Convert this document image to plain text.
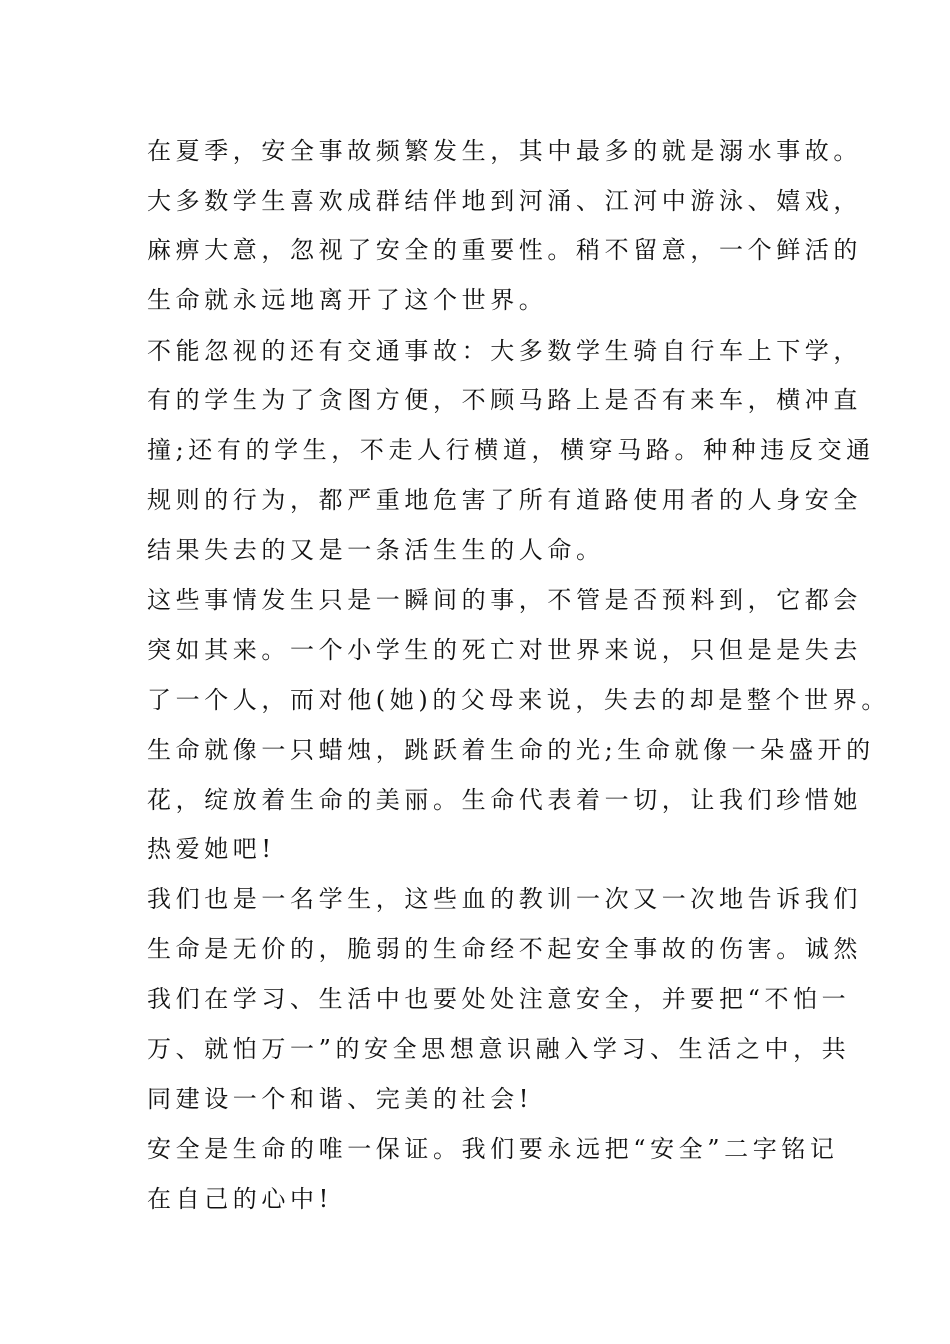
在夏季，安全事故频繁发生，其中最多的就是溺水事故。
大多数学生喜欢成群结伴地到河涌、江河中游泳、嬉戏，
麻痹大意，忽视了安全的重要性。稍不留意，一个鲜活的
生命就永远地离开了这个世界。
不能忽视的还有交通事故：大多数学生骑自行车上下学，
有的学生为了贪图方便，不顾马路上是否有来车，横冲直
撞;还有的学生，不走人行横道，横穿马路。种种违反交通
规则的行为，都严重地危害了所有道路使用者的人身安全
结果失去的又是一条活生生的人命。
这些事情发生只是一瞬间的事，不管是否预料到，它都会
突如其来。一个小学生的死亡对世界来说，只但是是失去
了一个人，而对他(她)的父母来说，失去的却是整个世界。
生命就像一只蜡烛，跳跃着生命的光;生命就像一朵盛开的
花，绽放着生命的美丽。生命代表着一切，让我们珍惜她
热爱她吧!
我们也是一名学生，这些血的教训一次又一次地告诉我们
生命是无价的，脆弱的生命经不起安全事故的伤害。诚然
我们在学习、生活中也要处处注意安全，并要把“不怕一
万、就怕万一”的安全思想意识融入学习、生活之中，共
同建设一个和谐、完美的社会!
安全是生命的唯一保证。我们要永远把“安全”二字铭记
在自己的心中!
